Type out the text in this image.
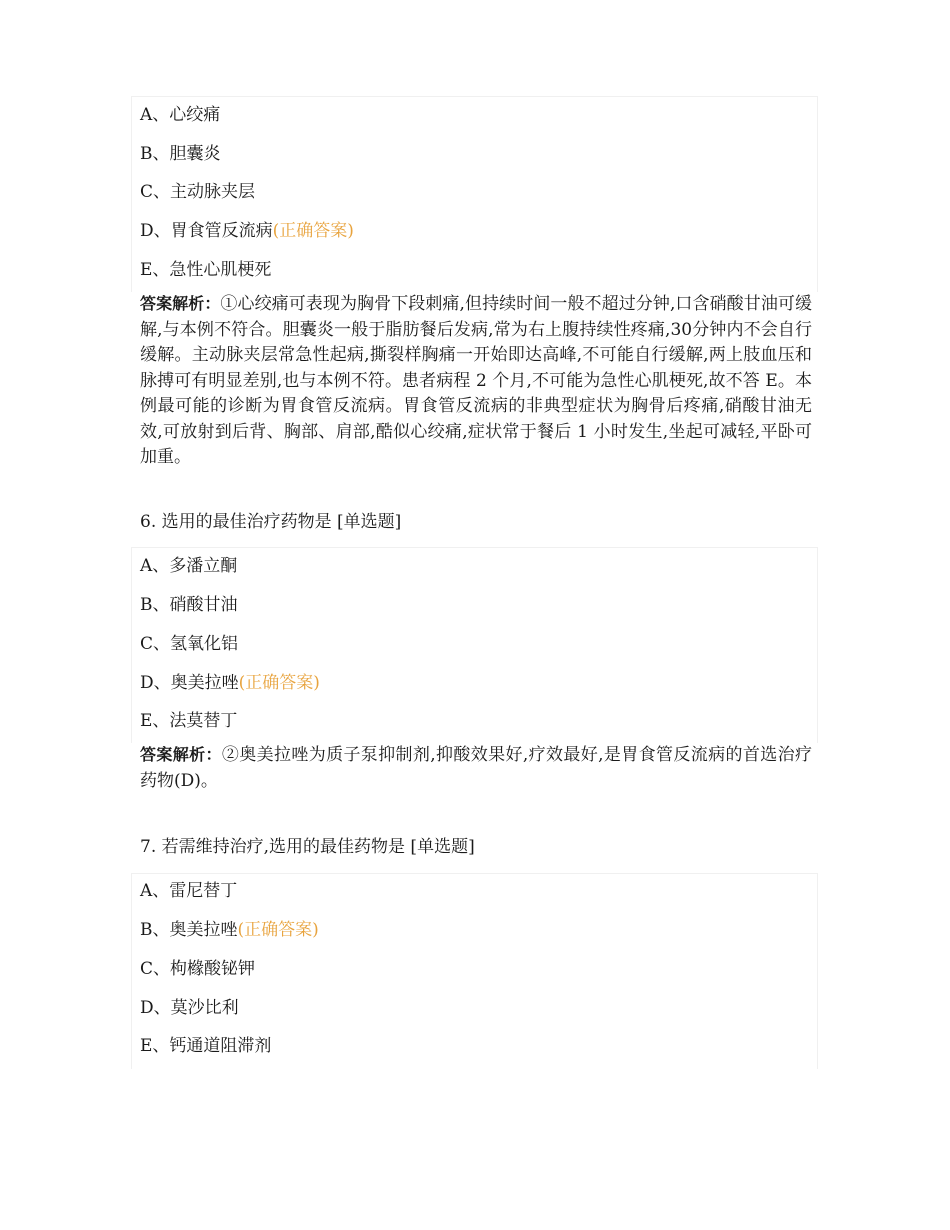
A、心绞痛
B、胆囊炎
C、主动脉夹层
D、胃食管反流病(正确答案)
E、急性心肌梗死
答案解析：①心绞痛可表现为胸骨下段刺痛,但持续时间一般不超过分钟,口含硝酸甘油可缓解,与本例不符合。胆囊炎一般于脂肪餐后发病,常为右上腹持续性疼痛,30分钟内不会自行缓解。主动脉夹层常急性起病,撕裂样胸痛一开始即达高峰,不可能自行缓解,两上肢血压和脉搏可有明显差别,也与本例不符。患者病程 2 个月,不可能为急性心肌梗死,故不答 E。本例最可能的诊断为胃食管反流病。胃食管反流病的非典型症状为胸骨后疼痛,硝酸甘油无效,可放射到后背、胸部、肩部,酷似心绞痛,症状常于餐后 1 小时发生,坐起可减轻,平卧可加重。
6. 选用的最佳治疗药物是 [单选题]
A、多潘立酮
B、硝酸甘油
C、氢氧化铝
D、奥美拉唑(正确答案)
E、法莫替丁
答案解析：②奥美拉唑为质子泵抑制剂,抑酸效果好,疗效最好,是胃食管反流病的首选治疗药物(D)。
7. 若需维持治疗,选用的最佳药物是 [单选题]
A、雷尼替丁
B、奥美拉唑(正确答案)
C、枸橼酸铋钾
D、莫沙比利
E、钙通道阻滞剂
